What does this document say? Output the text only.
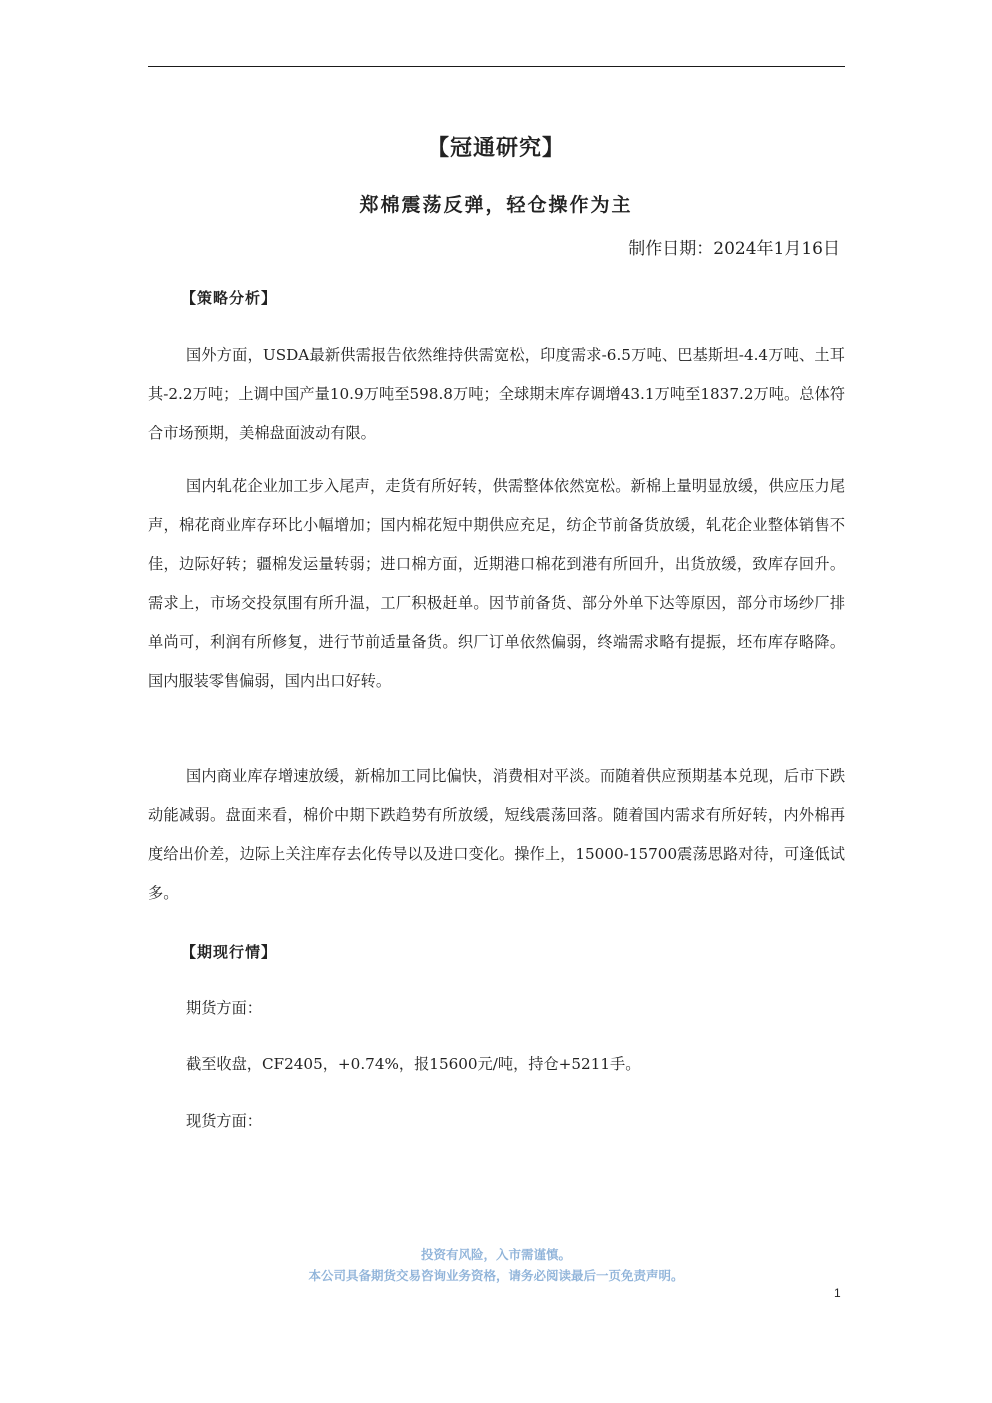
【冠通研究】
郑棉震荡反弹，轻仓操作为主
制作日期：2024年1月16日
【策略分析】

国外方面，USDA最新供需报告依然维持供需宽松，印度需求-6.5万吨、巴基斯坦-4.4万吨、土耳其-2.2万吨；上调中国产量10.9万吨至598.8万吨；全球期末库存调增43.1万吨至1837.2万吨。总体符合市场预期，美棉盘面波动有限。

国内轧花企业加工步入尾声，走货有所好转，供需整体依然宽松。新棉上量明显放缓，供应压力尾声，棉花商业库存环比小幅增加；国内棉花短中期供应充足，纺企节前备货放缓，轧花企业整体销售不佳，边际好转；疆棉发运量转弱；进口棉方面，近期港口棉花到港有所回升，出货放缓，致库存回升。需求上，市场交投氛围有所升温，工厂积极赶单。因节前备货、部分外单下达等原因，部分市场纱厂排单尚可，利润有所修复，进行节前适量备货。织厂订单依然偏弱，终端需求略有提振，坯布库存略降。国内服装零售偏弱，国内出口好转。

国内商业库存增速放缓，新棉加工同比偏快，消费相对平淡。而随着供应预期基本兑现，后市下跌动能减弱。盘面来看，棉价中期下跌趋势有所放缓，短线震荡回落。随着国内需求有所好转，内外棉再度给出价差，边际上关注库存去化传导以及进口变化。操作上，15000-15700震荡思路对待，可逢低试多。

【期现行情】

期货方面：

截至收盘，CF2405，+0.74%，报15600元/吨，持仓+5211手。

现货方面：

投资有风险，入市需谨慎。
本公司具备期货交易咨询业务资格，请务必阅读最后一页免责声明。
1
